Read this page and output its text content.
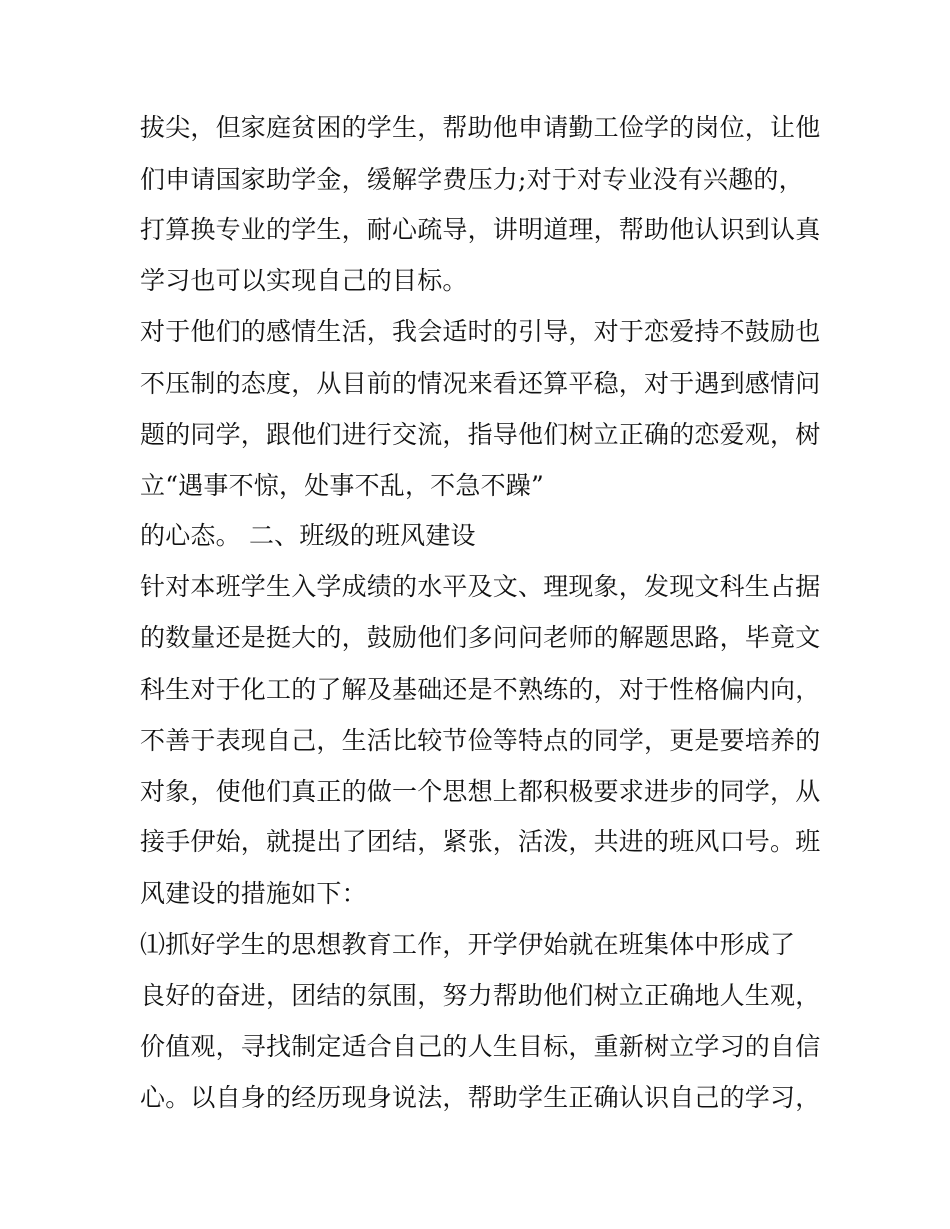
拔尖，但家庭贫困的学生，帮助他申请勤工俭学的岗位，让他
们申请国家助学金，缓解学费压力;对于对专业没有兴趣的，
打算换专业的学生，耐心疏导，讲明道理，帮助他认识到认真
学习也可以实现自己的目标。
对于他们的感情生活，我会适时的引导，对于恋爱持不鼓励也
不压制的态度，从目前的情况来看还算平稳，对于遇到感情问
题的同学，跟他们进行交流，指导他们树立正确的恋爱观，树
立“遇事不惊，处事不乱，不急不躁”
的心态。 二、班级的班风建设
针对本班学生入学成绩的水平及文、理现象，发现文科生占据
的数量还是挺大的，鼓励他们多问问老师的解题思路，毕竟文
科生对于化工的了解及基础还是不熟练的，对于性格偏内向，
不善于表现自己，生活比较节俭等特点的同学，更是要培养的
对象，使他们真正的做一个思想上都积极要求进步的同学，从
接手伊始，就提出了团结，紧张，活泼，共进的班风口号。班
风建设的措施如下：
⑴抓好学生的思想教育工作，开学伊始就在班集体中形成了
良好的奋进，团结的氛围，努力帮助他们树立正确地人生观，
价值观，寻找制定适合自己的人生目标，重新树立学习的自信
心。以自身的经历现身说法，帮助学生正确认识自己的学习，
